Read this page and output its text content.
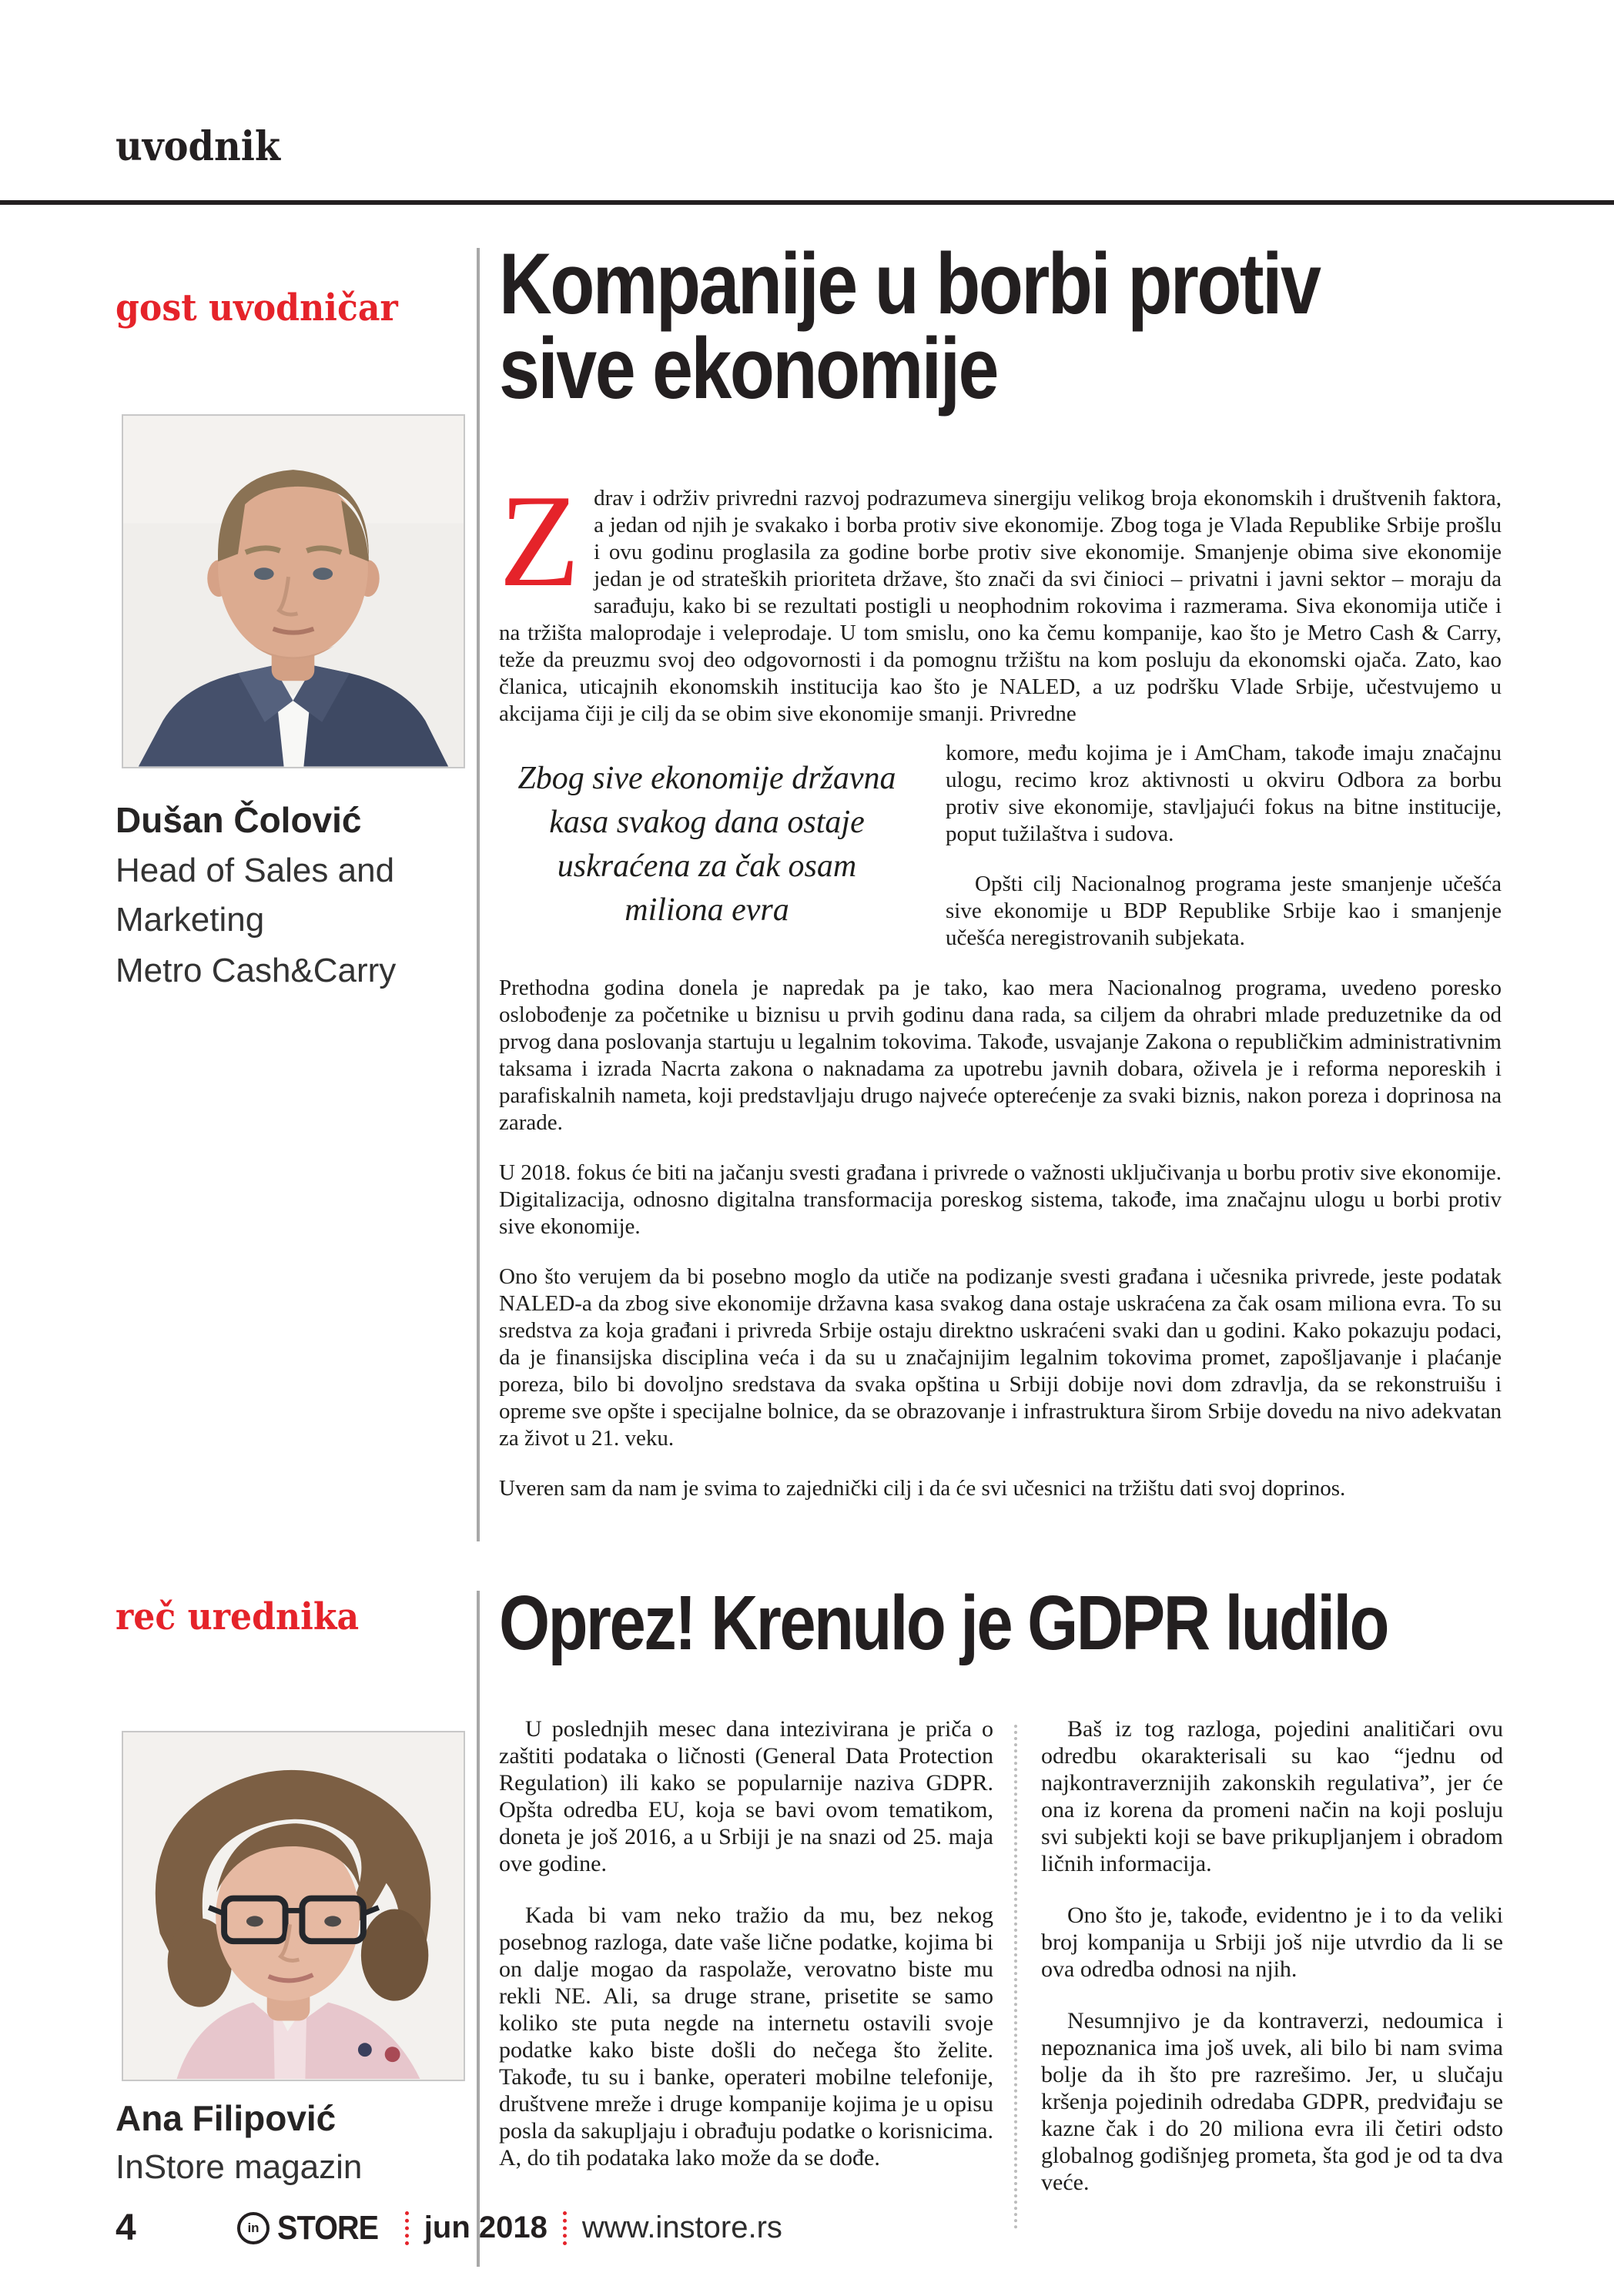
uvodnik
gost uvodničar Kompanije u borbi protiv
sive ekonomije
Dušan Čolović
Head of Sales and
Marketing
Metro Cash&Carry

Zdrav i održiv privredni razvoj podrazumeva sinergiju velikog broja ekonomskih i društvenih faktora, a jedan od njih je svakako i borba protiv sive ekonomije. Zbog toga je Vlada Republike Srbije prošlu i ovu godinu proglasila za godine borbe protiv sive ekonomije. Smanjenje obima sive ekonomije jedan je od strateških prioriteta države, što znači da svi činioci – privatni i javni sektor – moraju da sarađuju, kako bi se rezultati postigli u neophodnim rokovima i razmerama. Siva ekonomija utiče i na tržišta maloprodaje i veleprodaje. U tom smislu, ono ka čemu kompanije, kao što je Metro Cash & Carry, teže da preuzmu svoj deo odgovornosti i da pomognu tržištu na kom posluju da ekonomski ojača. Zato, kao članica, uticajnih ekonomskih institucija kao što je NALED, a uz podršku Vlade Srbije, učestvujemo u akcijama čiji je cilj da se obim sive ekonomije smanji. Privredne

Zbog sive ekonomije državna kasa svakog dana ostaje uskraćena za čak osam miliona evra

komore, među kojima je i AmCham, takođe imaju značajnu ulogu, recimo kroz aktivnosti u okviru Odbora za borbu protiv sive ekonomije, stavljajući fokus na bitne institucije, poput tužilaštva i sudova.

Opšti cilj Nacionalnog programa jeste smanjenje učešća sive ekonomije u BDP Republike Srbije kao i smanjenje učešća neregistrovanih subjekata.

Prethodna godina donela je napredak pa je tako, kao mera Nacionalnog programa, uvedeno poresko oslobođenje za početnike u biznisu u prvih godinu dana rada, sa ciljem da ohrabri mlade preduzetnike da od prvog dana poslovanja startuju u legalnim tokovima. Takođe, usvajanje Zakona o republičkim administrativnim taksama i izrada Nacrta zakona o naknadama za upotrebu javnih dobara, oživela je i reforma neporeskih i parafiskalnih nameta, koji predstavljaju drugo najveće opterećenje za svaki biznis, nakon poreza i doprinosa na zarade.

U 2018. fokus će biti na jačanju svesti građana i privrede o važnosti uključivanja u borbu protiv sive ekonomije. Digitalizacija, odnosno digitalna transformacija poreskog sistema, takođe, ima značajnu ulogu u borbi protiv sive ekonomije.

Ono što verujem da bi posebno moglo da utiče na podizanje svesti građana i učesnika privrede, jeste podatak NALED-a da zbog sive ekonomije državna kasa svakog dana ostaje uskraćena za čak osam miliona evra. To su sredstva za koja građani i privreda Srbije ostaju direktno uskraćeni svaki dan u godini. Kako pokazuju podaci, da je finansijska disciplina veća i da su u značajnijim legalnim tokovima promet, zapošljavanje i plaćanje poreza, bilo bi dovoljno sredstava da svaka opština u Srbiji dobije novi dom zdravlja, da se rekonstruišu i opreme sve opšte i specijalne bolnice, da se obrazovanje i infrastruktura širom Srbije dovedu na nivo adekvatan za život u 21. veku.

Uveren sam da nam je svima to zajednički cilj i da će svi učesnici na tržištu dati svoj doprinos.

reč urednika Oprez! Krenulo je GDPR ludilo
Ana Filipović
InStore magazin

U poslednjih mesec dana intezivirana je priča o zaštiti podataka o ličnosti (General Data Protection Regulation) ili kako se popularnije naziva GDPR. Opšta odredba EU, koja se bavi ovom tematikom, doneta je još 2016, a u Srbiji je na snazi od 25. maja ove godine.

Kada bi vam neko tražio da mu, bez nekog posebnog razloga, date vaše lične podatke, kojima bi on dalje mogao da raspolaže, verovatno biste mu rekli NE. Ali, sa druge strane, prisetite se samo koliko ste puta negde na internetu ostavili svoje podatke kako biste došli do nečega što želite. Takođe, tu su i banke, operateri mobilne telefonije, društvene mreže i druge kompanije kojima je u opisu posla da sakupljaju i obrađuju podatke o korisnicima. A, do tih podataka lako može da se dođe.

Baš iz tog razloga, pojedini analitičari ovu odredbu okarakterisali su kao “jednu od najkontraverznijih zakonskih regulativa”, jer će ona iz korena da promeni način na koji posluju svi subjekti koji se bave prikupljanjem i obradom ličnih informacija.

Ono što je, takođe, evidentno je i to da veliki broj kompanija u Srbiji još nije utvrdio da li se ova odredba odnosi na njih.

Nesumnjivo je da kontraverzi, nedoumica i nepoznanica ima još uvek, ali bilo bi nam svima bolje da ih što pre razrešimo. Jer, u slučaju kršenja pojedinih odredaba GDPR, predviđaju se kazne čak i do 20 miliona evra ili četiri odsto globalnog godišnjeg prometa, šta god je od ta dva veće.

4	in STORE jun 2018 www.instore.rs
